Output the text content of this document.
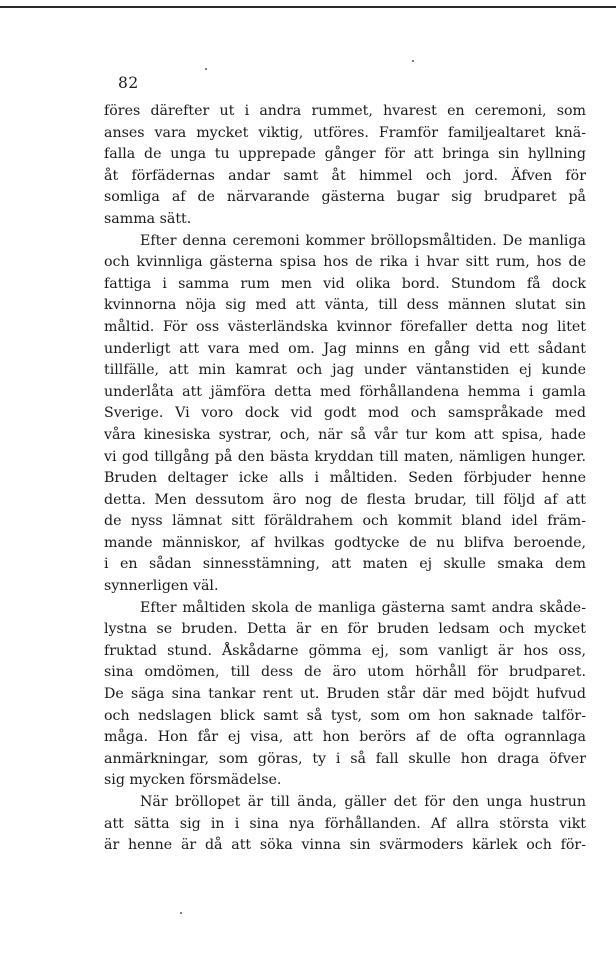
82
föres därefter ut i andra rummet, hvarest en ceremoni, som
anses vara mycket viktig, utföres. Framför familjealtaret knä-
falla de unga tu upprepade gånger för att bringa sin hyllning
åt förfädernas andar samt åt himmel och jord. Äfven för
somliga af de närvarande gästerna bugar sig brudparet på
samma sätt.
Efter denna ceremoni kommer bröllopsmåltiden. De manliga
och kvinnliga gästerna spisa hos de rika i hvar sitt rum, hos de
fattiga i samma rum men vid olika bord. Stundom få dock
kvinnorna nöja sig med att vänta, till dess männen slutat sin
måltid. För oss västerländska kvinnor förefaller detta nog litet
underligt att vara med om. Jag minns en gång vid ett sådant
tillfälle, att min kamrat och jag under väntanstiden ej kunde
underlåta att jämföra detta med förhållandena hemma i gamla
Sverige. Vi voro dock vid godt mod och samspråkade med
våra kinesiska systrar, och, när så vår tur kom att spisa, hade
vi god tillgång på den bästa kryddan till maten, nämligen hunger.
Bruden deltager icke alls i måltiden. Seden förbjuder henne
detta. Men dessutom äro nog de flesta brudar, till följd af att
de nyss lämnat sitt föräldrahem och kommit bland idel främ-
mande människor, af hvilkas godtycke de nu blifva beroende,
i en sådan sinnesstämning, att maten ej skulle smaka dem
synnerligen väl.
Efter måltiden skola de manliga gästerna samt andra skåde-
lystna se bruden. Detta är en för bruden ledsam och mycket
fruktad stund. Åskådarne gömma ej, som vanligt är hos oss,
sina omdömen, till dess de äro utom hörhåll för brudparet.
De säga sina tankar rent ut. Bruden står där med böjdt hufvud
och nedslagen blick samt så tyst, som om hon saknade talför-
måga. Hon får ej visa, att hon berörs af de ofta ogrannlaga
anmärkningar, som göras, ty i så fall skulle hon draga öfver
sig mycken försmädelse.
När bröllopet är till ända, gäller det för den unga hustrun
att sätta sig in i sina nya förhållanden. Af allra största vikt
är henne är då att söka vinna sin svärmoders kärlek och för-
